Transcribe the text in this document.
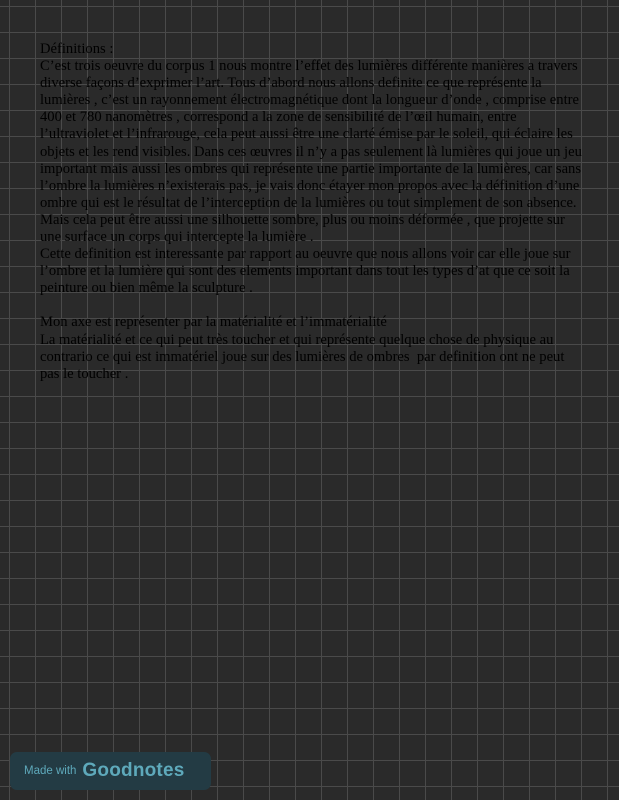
Définitions :

C’est trois oeuvre du corpus 1 nous montre l’effet des lumières différente manières a travers diverse façons d’exprimer l’art. Tous d’abord nous allons definite ce que représente la lumières , c’est un rayonnement électromagnétique dont la longueur d’onde , comprise entre 400 et 780 nanomètres , correspond a la zone de sensibilité de l’œil humain, entre l’ultraviolet et l’infrarouge, cela peut aussi être une clarté émise par le soleil, qui éclaire les objets et les rend visibles. Dans ces œuvres il n’y a pas seulement là lumières qui joue un jeu important mais aussi les ombres qui représente une partie importante de la lumières, car sans l’ombre la lumières n’existerais pas, je vais donc étayer mon propos avec la définition d’une ombre qui est le résultat de l’interception de la lumières ou tout simplement de son absence. Mais cela peut être aussi une silhouette sombre, plus ou moins déformée , que projette sur une surface un corps qui intercepte la lumière .

Cette definition est interessante par rapport au oeuvre que nous allons voir car elle joue sur l’ombre et la lumière qui sont des elements important dans tout les types d’at que ce soit la peinture ou bien même la sculpture .

Mon axe est représenter par la matérialité et l’immatérialité

La matérialité et ce qui peut très toucher et qui représente quelque chose de physique au contrario ce qui est immatériel joue sur des lumières de ombres  par definition ont ne peut pas le toucher .

Made with Goodnotes
